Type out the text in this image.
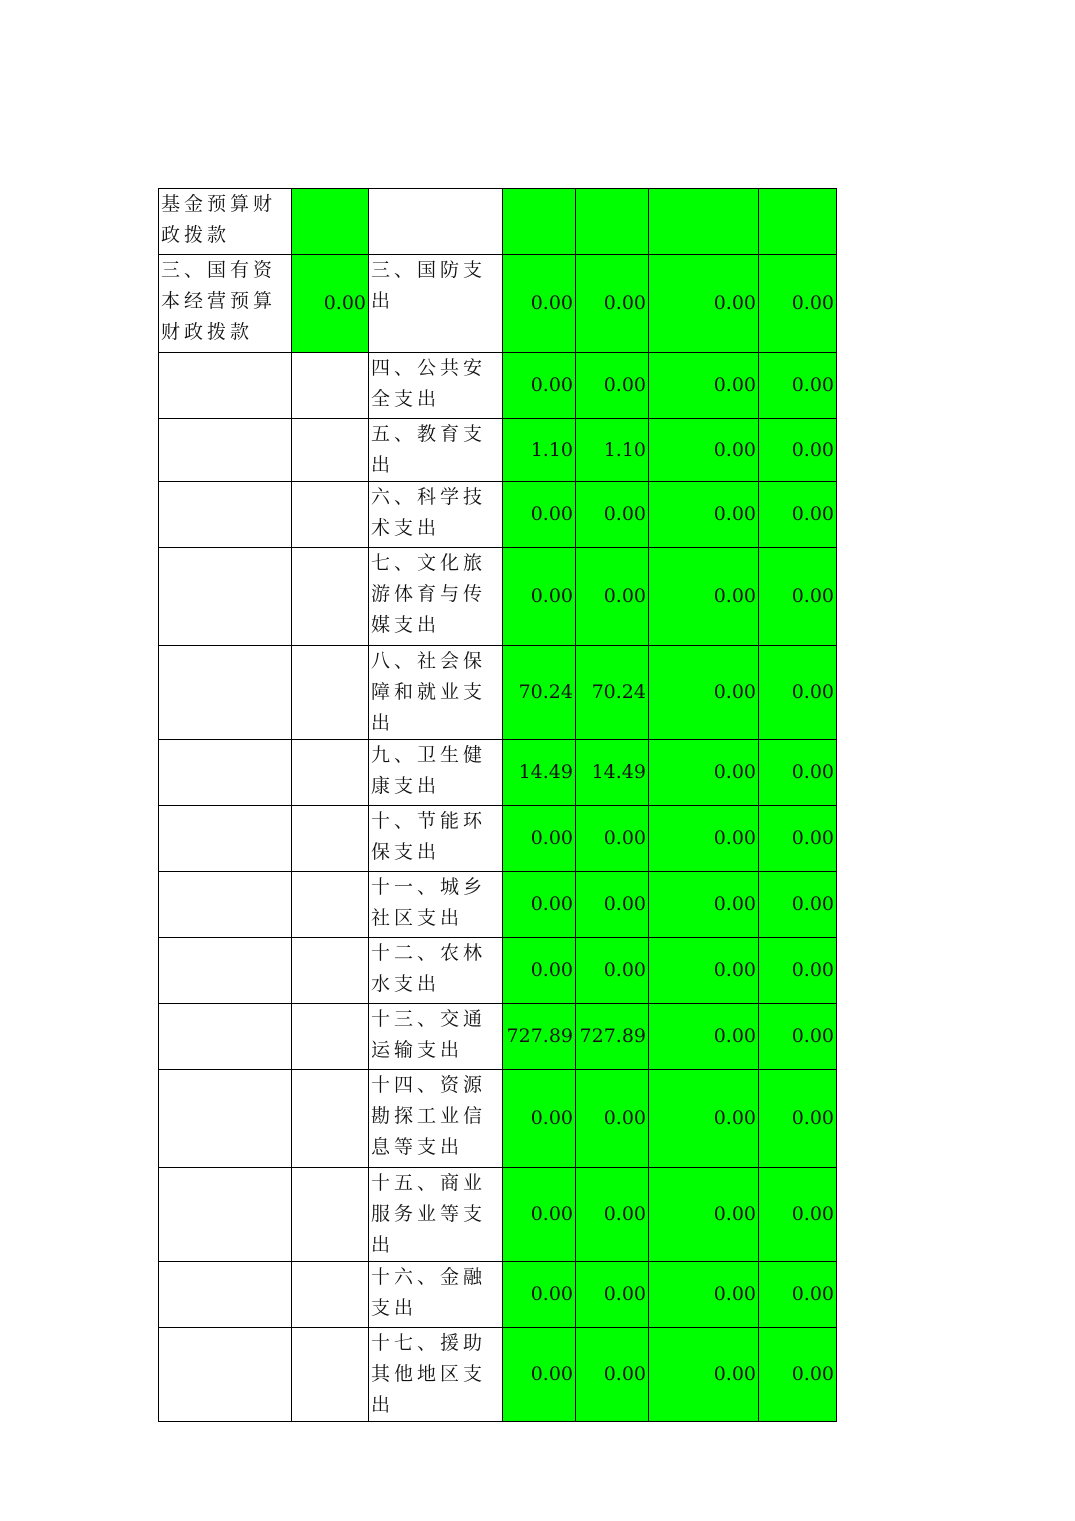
基金预算财政拨款						
三、国有资本经营预算财政拨款	0.00	三、国防支出	0.00	0.00	0.00	0.00
		四、公共安全支出	0.00	0.00	0.00	0.00
		五、教育支出	1.10	1.10	0.00	0.00
		六、科学技术支出	0.00	0.00	0.00	0.00
		七、文化旅游体育与传媒支出	0.00	0.00	0.00	0.00
		八、社会保障和就业支出	70.24	70.24	0.00	0.00
		九、卫生健康支出	14.49	14.49	0.00	0.00
		十、节能环保支出	0.00	0.00	0.00	0.00
		十一、城乡社区支出	0.00	0.00	0.00	0.00
		十二、农林水支出	0.00	0.00	0.00	0.00
		十三、交通运输支出	727.89	727.89	0.00	0.00
		十四、资源勘探工业信息等支出	0.00	0.00	0.00	0.00
		十五、商业服务业等支出	0.00	0.00	0.00	0.00
		十六、金融支出	0.00	0.00	0.00	0.00
		十七、援助其他地区支出	0.00	0.00	0.00	0.00
